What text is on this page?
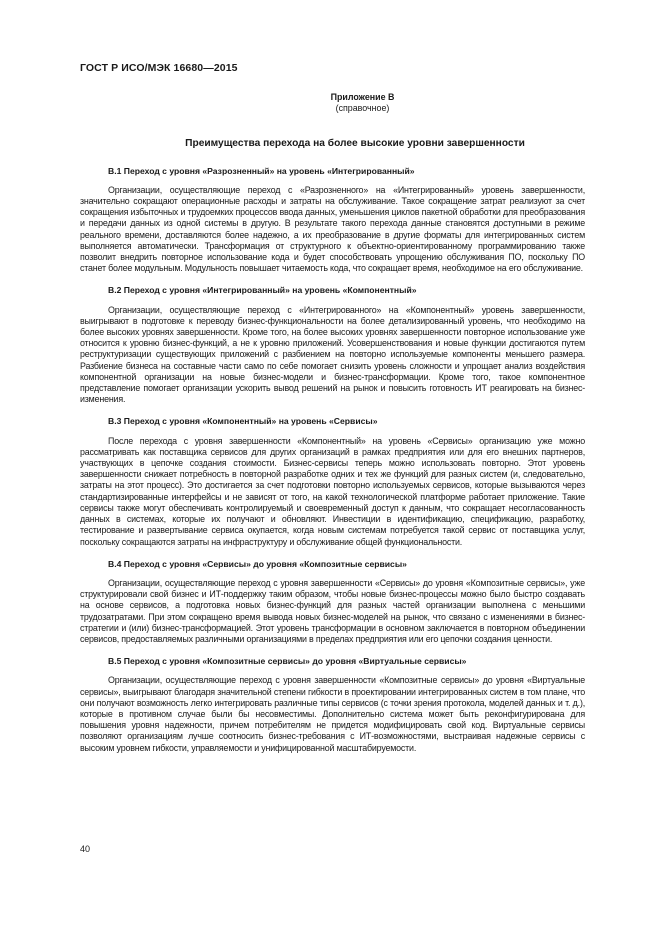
ГОСТ Р ИСО/МЭК 16680—2015
Приложение В
(справочное)
Преимущества перехода на более высокие уровни завершенности
В.1 Переход с уровня «Разрозненный» на уровень «Интегрированный»

Организации, осуществляющие переход с «Разрозненного» на «Интегрированный» уровень завершенности, значительно сокращают операционные расходы и затраты на обслуживание. Такое сокращение затрат реализуют за счет сокращения избыточных и трудоемких процессов ввода данных, уменьшения циклов пакетной обработки для преобразования и передачи данных из одной системы в другую. В результате такого перехода данные становятся доступными в режиме реального времени, доставляются более надежно, а их преобразование в другие форматы для интегрированных систем выполняется автоматически. Трансформация от структурного к объектно-ориентированному программированию также позволит внедрить повторное использование кода и будет способствовать упрощению обслуживания ПО, поскольку ПО станет более модульным. Модульность повышает читаемость кода, что сокращает время, необходимое на его обслуживание.

В.2 Переход с уровня «Интегрированный» на уровень «Компонентный»

Организации, осуществляющие переход с «Интегрированного» на «Компонентный» уровень завершенности, выигрывают в подготовке к переводу бизнес-функциональности на более детализированный уровень, что необходимо на более высоких уровнях завершенности. Кроме того, на более высоких уровнях завершенности повторное использование уже относится к уровню бизнес-функций, а не к уровню приложений. Усовершенствования и новые функции достигаются путем реструктуризации существующих приложений с разбиением на повторно используемые компоненты меньшего размера. Разбиение бизнеса на составные части само по себе помогает снизить уровень сложности и упрощает анализ воздействия компонентной организации на новые бизнес-модели и бизнес-трансформации. Кроме того, такое компонентное представление помогает организации ускорить вывод решений на рынок и повысить готовность ИТ реагировать на бизнес-изменения.

В.3 Переход с уровня «Компонентный» на уровень «Сервисы»

После перехода с уровня завершенности «Компонентный» на уровень «Сервисы» организацию уже можно рассматривать как поставщика сервисов для других организаций в рамках предприятия или для его внешних партнеров, участвующих в цепочке создания стоимости. Бизнес-сервисы теперь можно использовать повторно. Этот уровень завершенности снижает потребность в повторной разработке одних и тех же функций для разных систем (и, следовательно, затраты на этот процесс). Это достигается за счет подготовки повторно используемых сервисов, которые вызываются через стандартизированные интерфейсы и не зависят от того, на какой технологической платформе работает приложение. Такие сервисы также могут обеспечивать контролируемый и своевременный доступ к данным, что сокращает несогласованность данных в системах, которые их получают и обновляют. Инвестиции в идентификацию, спецификацию, разработку, тестирование и развертывание сервиса окупается, когда новым системам потребуется такой сервис от поставщика услуг, поскольку сокращаются затраты на инфраструктуру и обслуживание общей функциональности.

В.4 Переход с уровня «Сервисы» до уровня «Композитные сервисы»

Организации, осуществляющие переход с уровня завершенности «Сервисы» до уровня «Композитные сервисы», уже структурировали свой бизнес и ИТ-поддержку таким образом, чтобы новые бизнес-процессы можно было быстро создавать на основе сервисов, а подготовка новых бизнес-функций для разных частей организации выполнена с меньшими трудозатратами. При этом сокращено время вывода новых бизнес-моделей на рынок, что связано с изменениями в бизнес-стратегии и (или) бизнес-трансформацией. Этот уровень трансформации в основном заключается в повторном объединении сервисов, предоставляемых различными организациями в пределах предприятия или его цепочки создания ценности.

В.5 Переход с уровня «Композитные сервисы» до уровня «Виртуальные сервисы»

Организации, осуществляющие переход с уровня завершенности «Композитные сервисы» до уровня «Виртуальные сервисы», выигрывают благодаря значительной степени гибкости в проектировании интегрированных систем в том плане, что они получают возможность легко интегрировать различные типы сервисов (с точки зрения протокола, моделей данных и т. д.), которые в противном случае были бы несовместимы. Дополнительно система может быть реконфигурирована для повышения уровня надежности, причем потребителям не придется модифицировать свой код. Виртуальные сервисы позволяют организациям лучше соотносить бизнес-требования с ИТ-возможностями, выстраивая надежные сервисы с высоким уровнем гибкости, управляемости и унифицированной масштабируемости.

40
